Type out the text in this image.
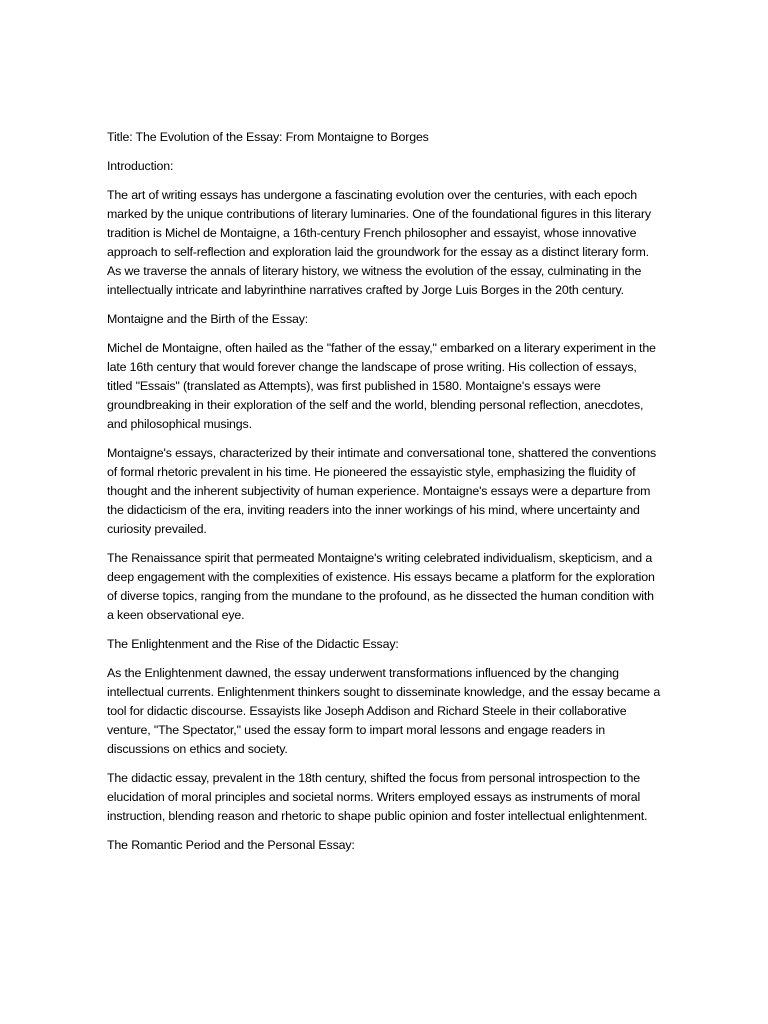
Title: The Evolution of the Essay: From Montaigne to Borges

Introduction:

The art of writing essays has undergone a fascinating evolution over the centuries, with each epoch marked by the unique contributions of literary luminaries. One of the foundational figures in this literary tradition is Michel de Montaigne, a 16th-century French philosopher and essayist, whose innovative approach to self-reflection and exploration laid the groundwork for the essay as a distinct literary form. As we traverse the annals of literary history, we witness the evolution of the essay, culminating in the intellectually intricate and labyrinthine narratives crafted by Jorge Luis Borges in the 20th century.

Montaigne and the Birth of the Essay:

Michel de Montaigne, often hailed as the "father of the essay," embarked on a literary experiment in the late 16th century that would forever change the landscape of prose writing. His collection of essays, titled "Essais" (translated as Attempts), was first published in 1580. Montaigne's essays were groundbreaking in their exploration of the self and the world, blending personal reflection, anecdotes, and philosophical musings.

Montaigne's essays, characterized by their intimate and conversational tone, shattered the conventions of formal rhetoric prevalent in his time. He pioneered the essayistic style, emphasizing the fluidity of thought and the inherent subjectivity of human experience. Montaigne's essays were a departure from the didacticism of the era, inviting readers into the inner workings of his mind, where uncertainty and curiosity prevailed.

The Renaissance spirit that permeated Montaigne's writing celebrated individualism, skepticism, and a deep engagement with the complexities of existence. His essays became a platform for the exploration of diverse topics, ranging from the mundane to the profound, as he dissected the human condition with a keen observational eye.

The Enlightenment and the Rise of the Didactic Essay:

As the Enlightenment dawned, the essay underwent transformations influenced by the changing intellectual currents. Enlightenment thinkers sought to disseminate knowledge, and the essay became a tool for didactic discourse. Essayists like Joseph Addison and Richard Steele in their collaborative venture, "The Spectator," used the essay form to impart moral lessons and engage readers in discussions on ethics and society.

The didactic essay, prevalent in the 18th century, shifted the focus from personal introspection to the elucidation of moral principles and societal norms. Writers employed essays as instruments of moral instruction, blending reason and rhetoric to shape public opinion and foster intellectual enlightenment.

The Romantic Period and the Personal Essay:
